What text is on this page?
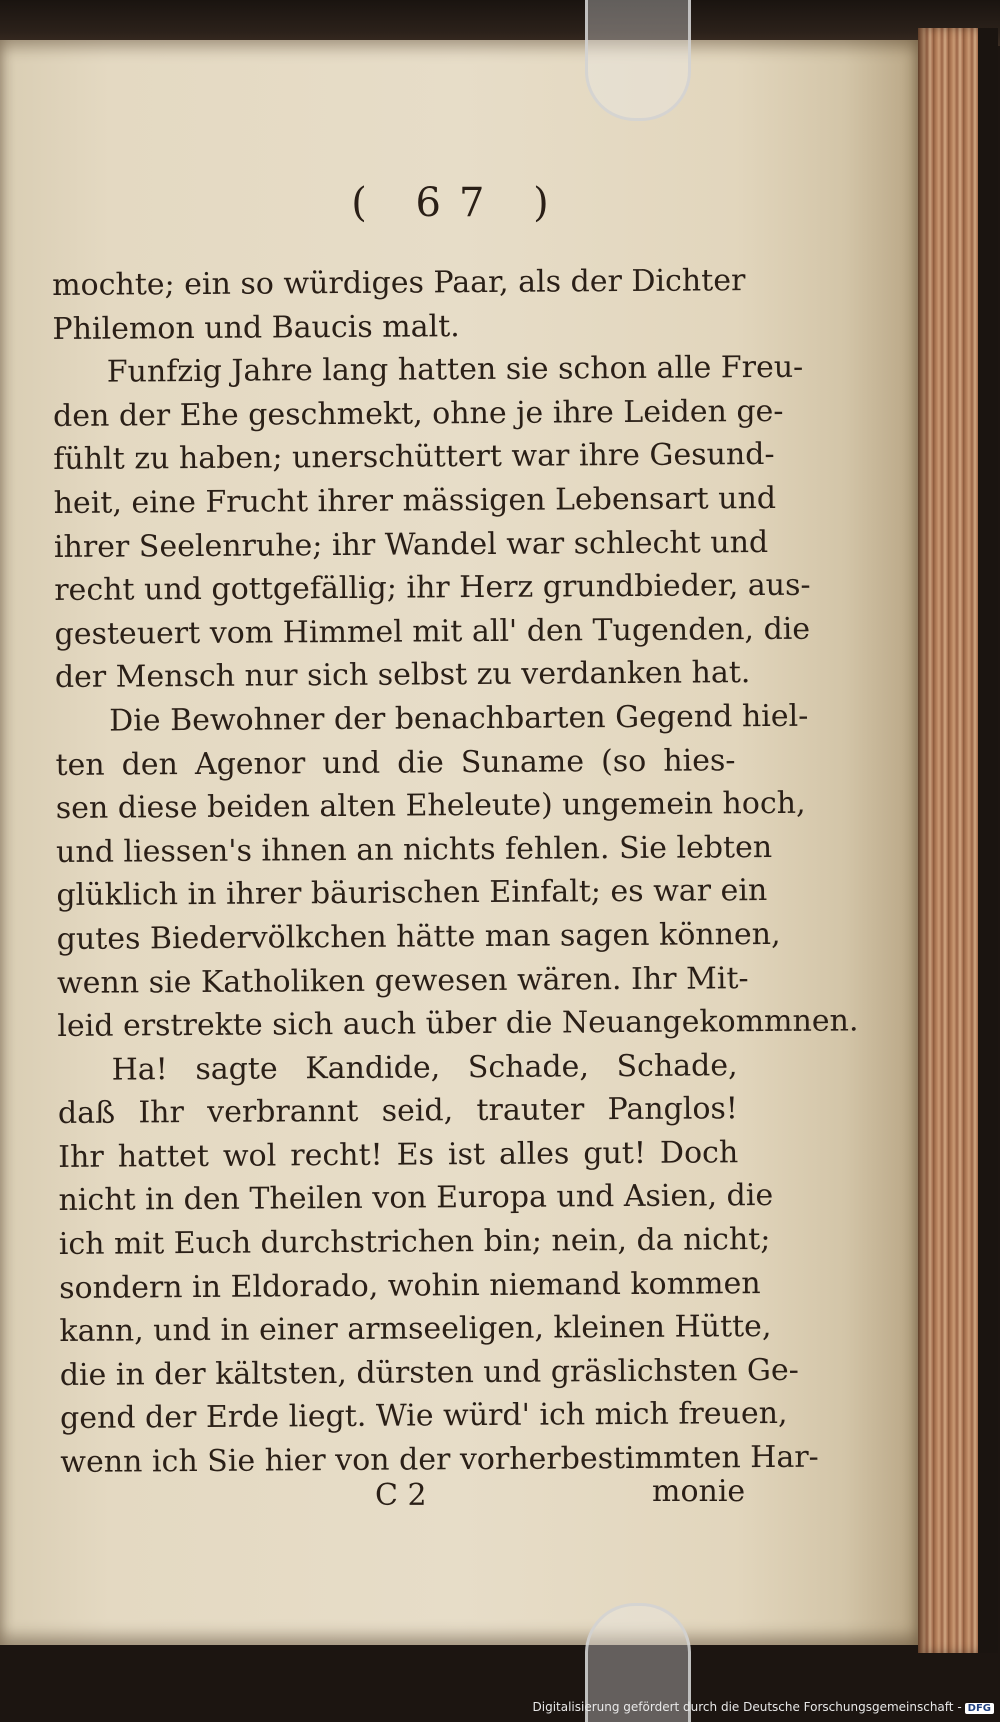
( 67 )
mochte; ein so würdiges Paar, als der Dichter
Philemon und Baucis malt.
Funfzig Jahre lang hatten sie schon alle Freu-
den der Ehe geschmekt, ohne je ihre Leiden ge-
fühlt zu haben; unerschüttert war ihre Gesund-
heit, eine Frucht ihrer mässigen Lebensart und
ihrer Seelenruhe; ihr Wandel war schlecht und
recht und gottgefällig; ihr Herz grundbieder, aus-
gesteuert vom Himmel mit all' den Tugenden, die
der Mensch nur sich selbst zu verdanken hat.
Die Bewohner der benachbarten Gegend hiel-
ten den Agenor und die Suname (so hies-
sen diese beiden alten Eheleute) ungemein hoch,
und liessen's ihnen an nichts fehlen. Sie lebten
glüklich in ihrer bäurischen Einfalt; es war ein
gutes Biedervölkchen hätte man sagen können,
wenn sie Katholiken gewesen wären. Ihr Mit-
leid erstrekte sich auch über die Neuangekommnen.
Ha! sagte Kandide, Schade, Schade,
daß Ihr verbrannt seid, trauter Panglos!
Ihr hattet wol recht! Es ist alles gut! Doch
nicht in den Theilen von Europa und Asien, die
ich mit Euch durchstrichen bin; nein, da nicht;
sondern in Eldorado, wohin niemand kommen
kann, und in einer armseeligen, kleinen Hütte,
die in der kältsten, dürsten und gräslichsten Ge-
gend der Erde liegt. Wie würd' ich mich freuen,
wenn ich Sie hier von der vorherbestimmten Har-
C 2	monie
Digitalisierung gefördert durch die Deutsche Forschungsgemeinschaft - DFG
